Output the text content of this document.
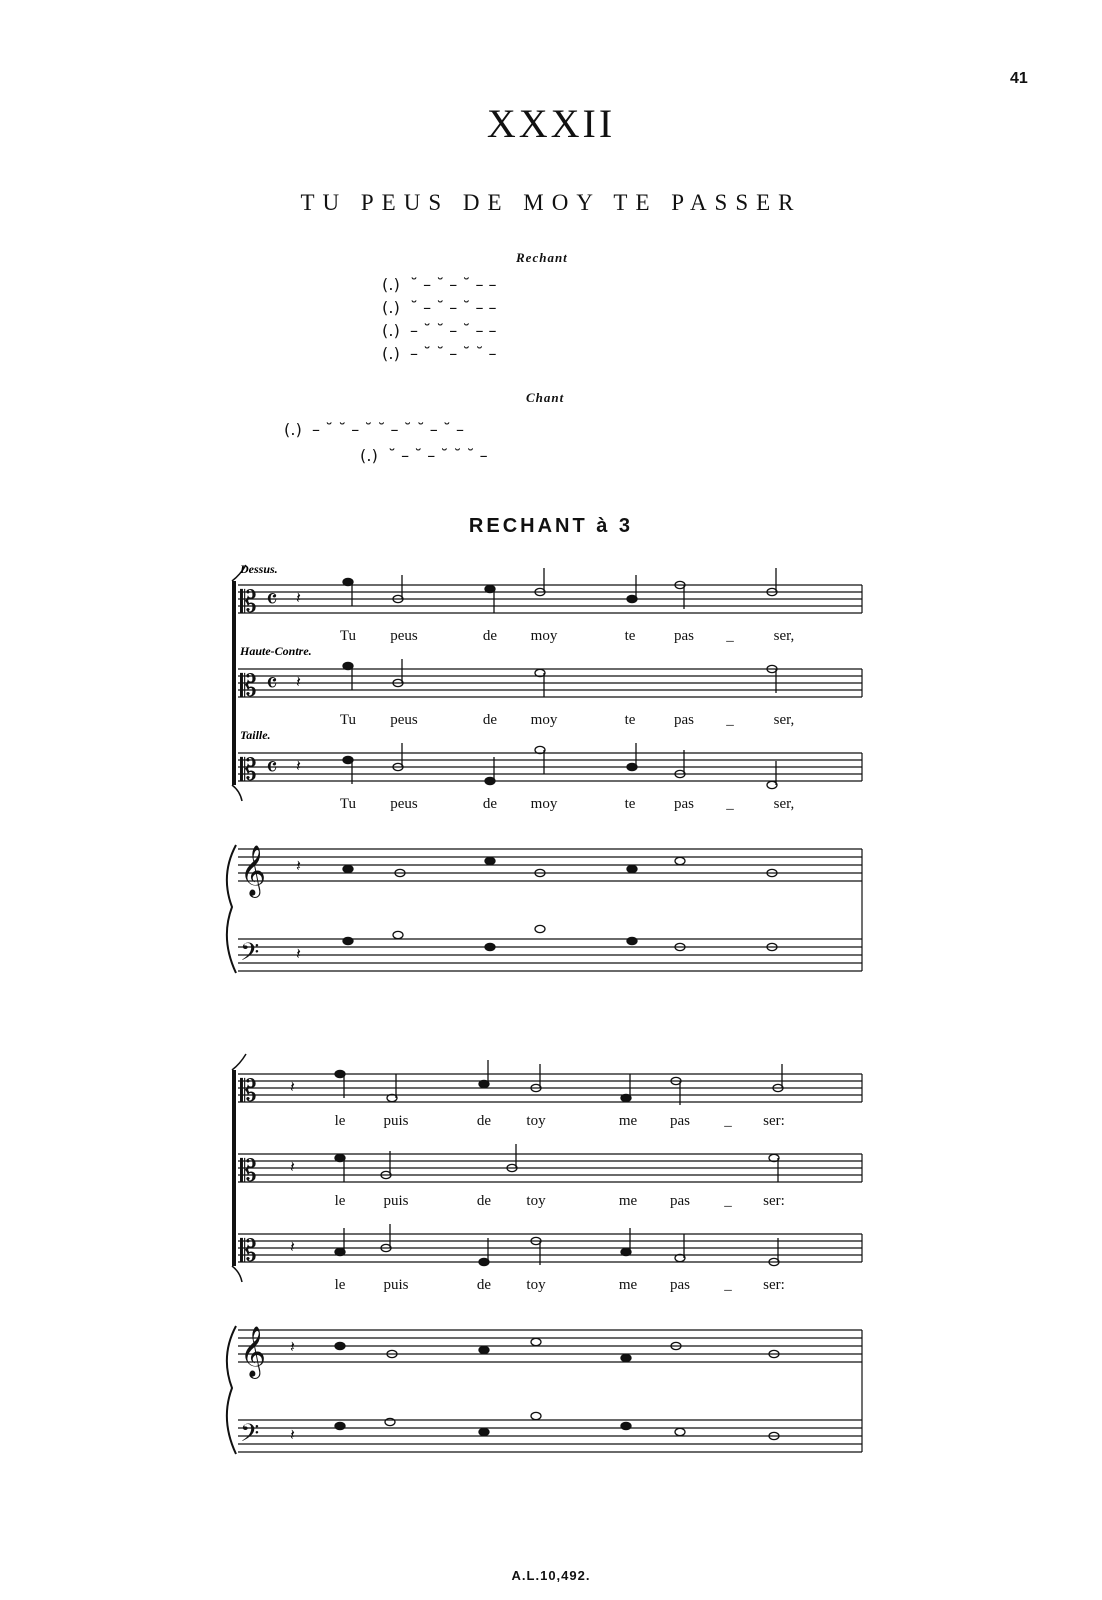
41
XXXII
TU PEUS DE MOY TE PASSER
Rechant
(․) ˘ – ˘ – ˘ – –
(․) ˘ – ˘ – ˘ – –
(․) – ˘ ˘ – ˘ – –
(․) – ˘ ˘ – ˘ ˘ –
Chant
(․) – ˘ ˘ – ˘ ˘ – ˘ ˘ – ˘ –
(․) ˘ – ˘ – ˘ ˘ ˘ –
RECHANT à 3
𝄡
𝄡
𝄡
𝄞
𝄢
𝄴
𝄴
𝄴
Dessus.
Haute-Contre.
Taille.
𝄽
𝄽
𝄽
𝄽
𝄽
Tu peus	de moy	te	pas _	ser,
Tu peus	de moy	te	pas _	ser,
Tu peus	de moy	te	pas _	ser,
𝄡
𝄡
𝄡
𝄞
𝄢
𝄽
𝄽
𝄽
𝄽
𝄽
le	puis	de toy	me pas _ ser:
le	puis	de toy	me pas _ ser:
le	puis	de toy	me pas _ ser:
A.L.10,492.
